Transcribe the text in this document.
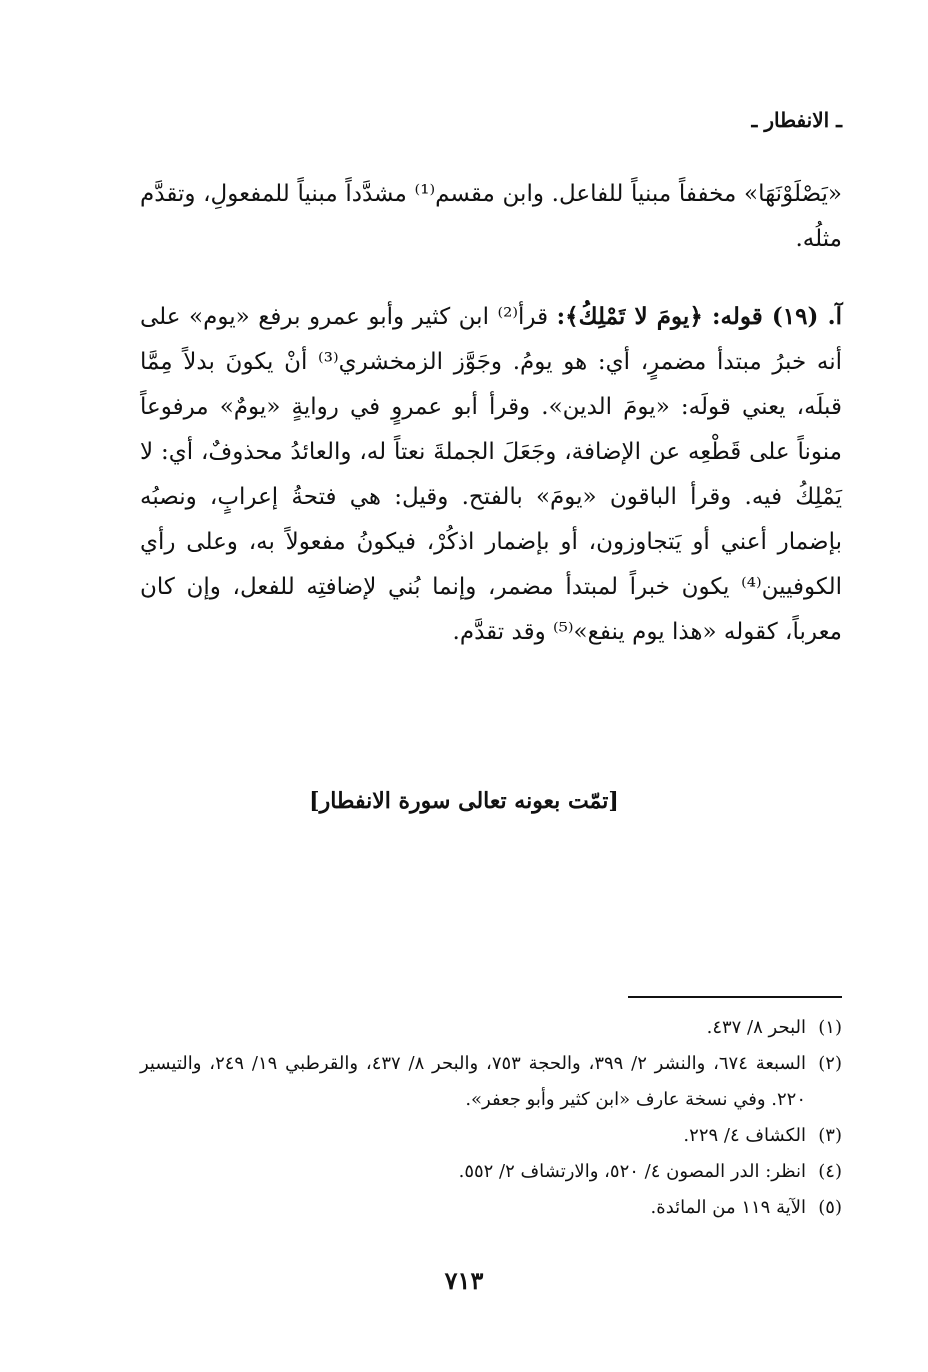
ـ الانفطار ـ

«يَصْلَوْنَهَا» مخففاً مبنياً للفاعل. وابن مقسم⁽¹⁾ مشدَّداً مبنياً للمفعولِ، وتقدَّم مثلُه.

آ. (١٩) قوله: ﴿يومَ لا تَمْلِكُ﴾: قرأ⁽²⁾ ابن كثير وأبو عمرو برفع «يوم» على أنه خبرُ مبتدأ مضمرٍ، أي: هو يومُ. وجَوَّز الزمخشري⁽³⁾ أنْ يكونَ بدلاً مِمَّا قبلَه، يعني قولَه: «يومَ الدين». وقرأ أبو عمروٍ في روايةٍ «يومٌ» مرفوعاً منوناً على قَطْعِه عن الإضافة، وجَعَلَ الجملةَ نعتاً له، والعائدُ محذوفٌ، أي: لا يَمْلِكُ فيه. وقرأ الباقون «يومَ» بالفتح. وقيل: هي فتحةُ إعرابٍ، ونصبُه بإضمار أعني أو يَتجاوزون، أو بإضمار اذكُرْ، فيكونُ مفعولاً به، وعلى رأي الكوفيين⁽⁴⁾ يكون خبراً لمبتدأ مضمر، وإنما بُني لإضافتِه للفعل، وإن كان معرباً، كقوله «هذا يوم ينفع»⁽⁵⁾ وقد تقدَّم.

[تمّت بعونه تعالى سورة الانفطار]
(١)
البحر ٨/ ٤٣٧.
(٢)
السبعة ٦٧٤، والنشر ٢/ ٣٩٩، والحجة ٧٥٣، والبحر ٨/ ٤٣٧، والقرطبي ١٩/ ٢٤٩، والتيسير ٢٢٠. وفي نسخة عارف «ابن كثير وأبو جعفر».
(٣)
الكشاف ٤/ ٢٢٩.
(٤)
انظر: الدر المصون ٤/ ٥٢٠، والارتشاف ٢/ ٥٥٢.
(٥)
الآية ١١٩ من المائدة.
٧١٣
